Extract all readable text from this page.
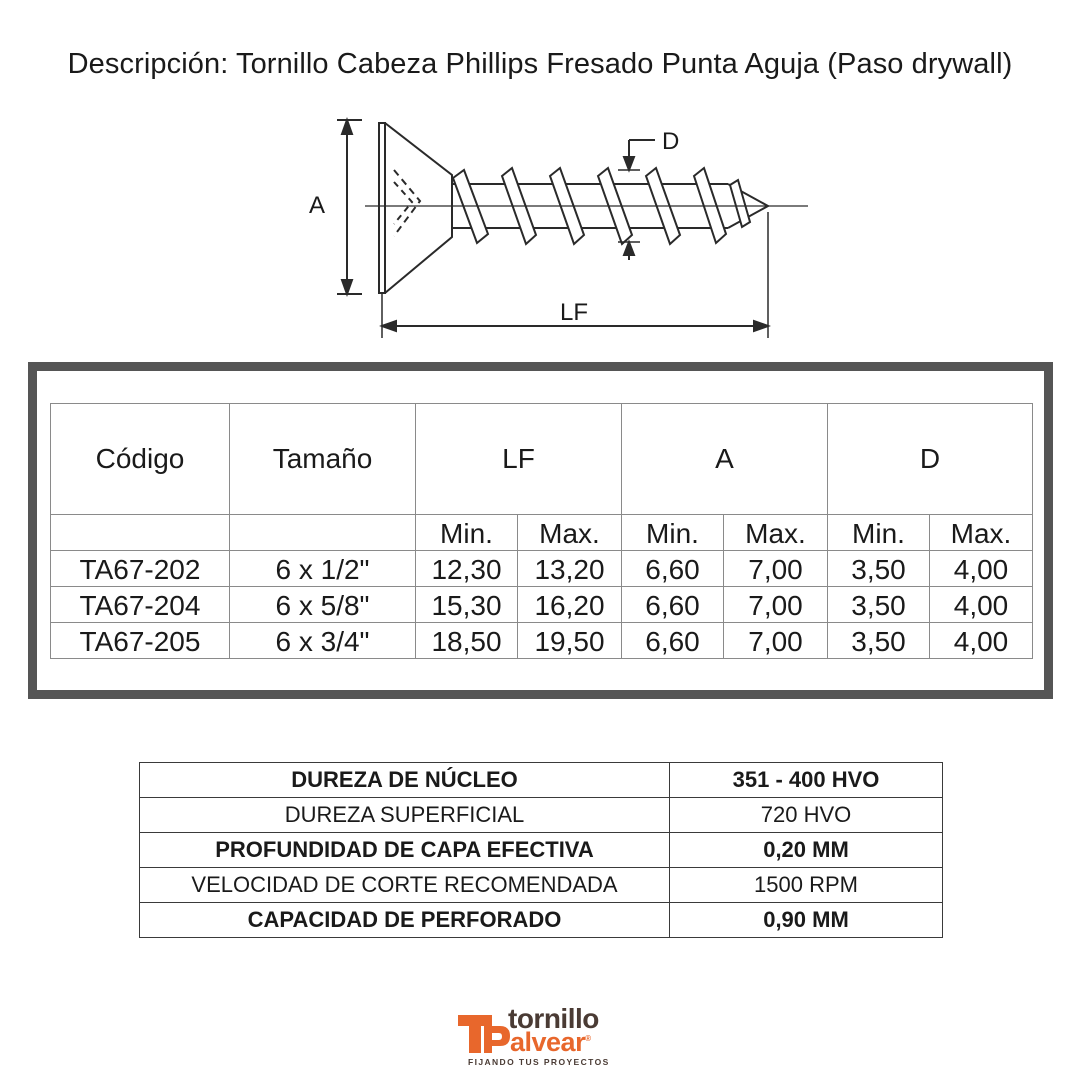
Descripción: Tornillo Cabeza Phillips Fresado Punta Aguja (Paso drywall)
A
D
LF
Código	Tamaño	LF		A		D	
		Min.	Max.	Min.	Max.	Min.	Max.
TA67-202	6 x 1/2"	12,30	13,20	6,60	7,00	3,50	4,00
TA67-204	6 x 5/8"	15,30	16,20	6,60	7,00	3,50	4,00
TA67-205	6 x 3/4"	18,50	19,50	6,60	7,00	3,50	4,00
DUREZA DE NÚCLEO	351 - 400 HVO
DUREZA SUPERFICIAL	720 HVO
PROFUNDIDAD DE CAPA EFECTIVA	0,20 MM
VELOCIDAD DE CORTE RECOMENDADA	1500 RPM
CAPACIDAD DE PERFORADO	0,90 MM
tornillo
alvear®
FIJANDO TUS PROYECTOS
